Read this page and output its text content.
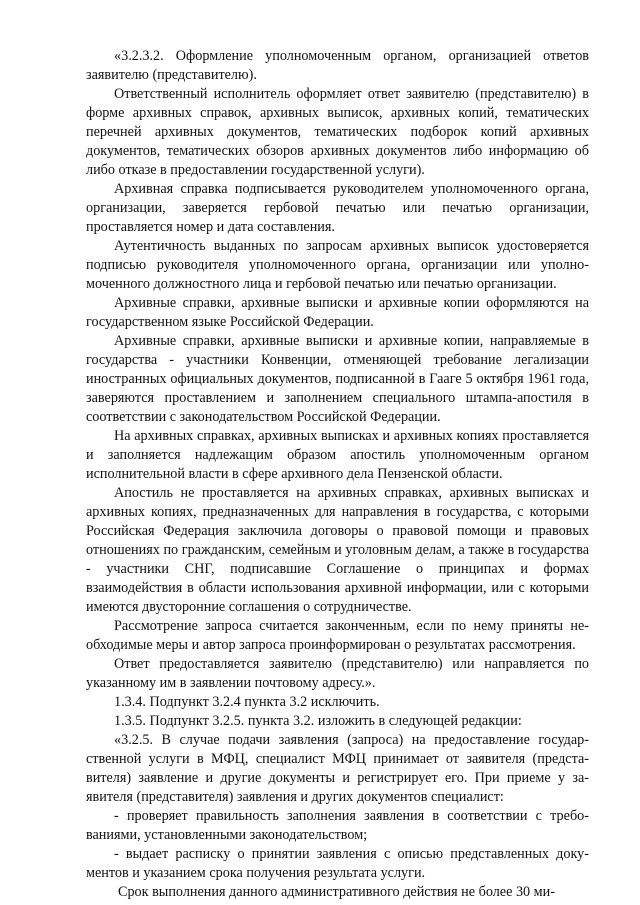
«3.2.3.2. Оформление уполномоченным органом, организацией ответов заявителю (представителю).

Ответственный исполнитель оформляет ответ заявителю (представителю) в форме архивных справок, архивных выписок, архивных копий, тематических перечней архивных документов, тематических подборок копий архивных документов, тематических обзоров архивных документов либо информацию об либо отказе в предоставлении государственной услуги).

Архивная справка подписывается руководителем уполномоченного органа, организации, заверяется гербовой печатью или печатью организации, проставляется номер и дата составления.

Аутентичность выданных по запросам архивных выписок удостоверяется подписью руководителя уполномоченного органа, организации или уполномоченного должностного лица и гербовой печатью или печатью организации.

Архивные справки, архивные выписки и архивные копии оформляются на государственном языке Российской Федерации.

Архивные справки, архивные выписки и архивные копии, направляемые в государства - участники Конвенции, отменяющей требование легализации иностранных официальных документов, подписанной в Гааге 5 октября 1961 года, заверяются проставлением и заполнением специального штампа-апостиля в соответствии с законодательством Российской Федерации.

На архивных справках, архивных выписках и архивных копиях проставляется и заполняется надлежащим образом апостиль уполномоченным органом исполнительной власти в сфере архивного дела Пензенской области.

Апостиль не проставляется на архивных справках, архивных выписках и архивных копиях, предназначенных для направления в государства, с которыми Российская Федерация заключила договоры о правовой помощи и правовых отношениях по гражданским, семейным и уголовным делам, а также в государства - участники СНГ, подписавшие Соглашение о принципах и формах взаимодействия в области использования архивной информации, или с которыми имеются двусторонние соглашения о сотрудничестве.

Рассмотрение запроса считается законченным, если по нему приняты необходимые меры и автор запроса проинформирован о результатах рассмотрения.

Ответ предоставляется заявителю (представителю) или направляется по указанному им в заявлении почтовому адресу.».

1.3.4. Подпункт 3.2.4 пункта 3.2 исключить.

1.3.5. Подпункт 3.2.5. пункта 3.2. изложить в следующей редакции:

«3.2.5. В случае подачи заявления (запроса) на предоставление государственной услуги в МФЦ, специалист МФЦ принимает от заявителя (представителя) заявление и другие документы и регистрирует его. При приеме у заявителя (представителя) заявления и других документов специалист:

- проверяет правильность заполнения заявления в соответствии с требованиями, установленными законодательством;

- выдает расписку о принятии заявления с описью представленных документов и указанием срока получения результата услуги.

Срок выполнения данного административного действия не более 30 ми-
